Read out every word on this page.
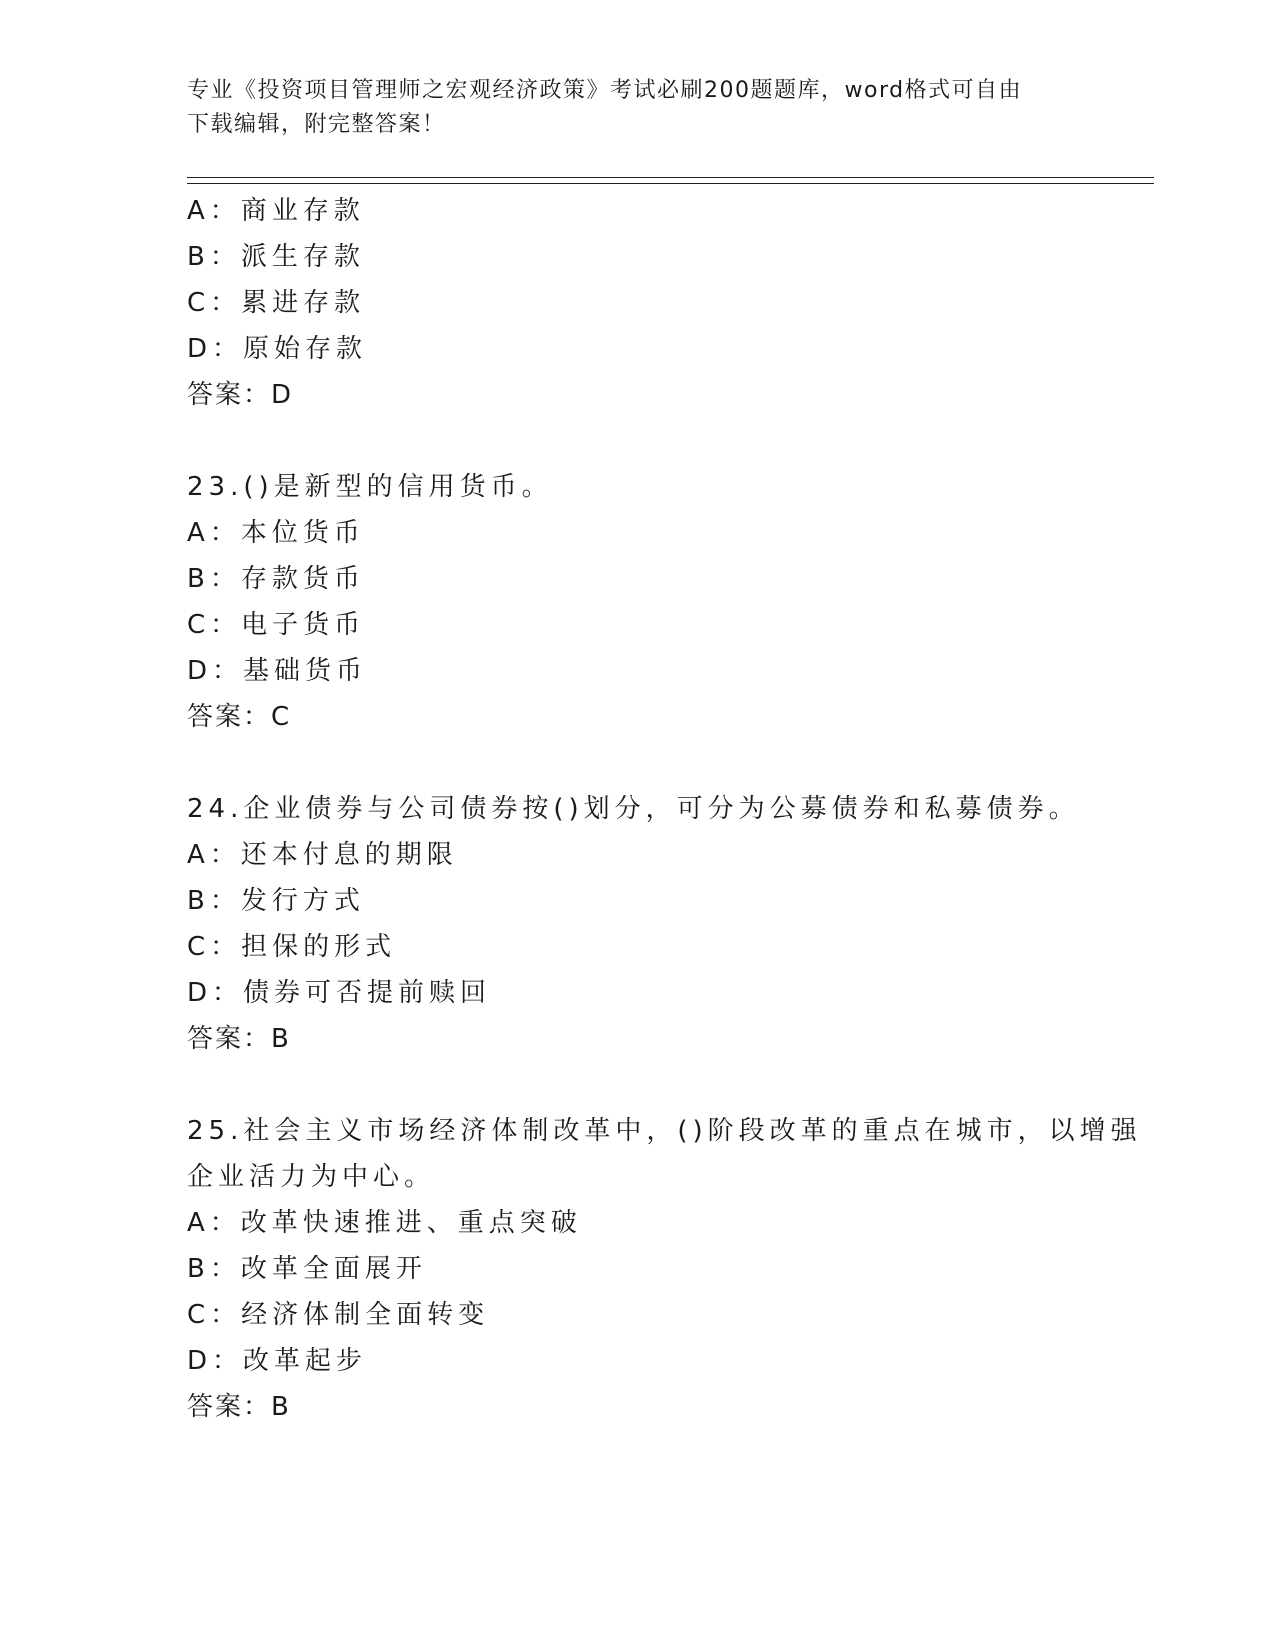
专业《投资项目管理师之宏观经济政策》考试必刷200题题库，word格式可自由
下载编辑，附完整答案！
A：商业存款
B：派生存款
C：累进存款
D：原始存款
答案：D
23.()是新型的信用货币。
A：本位货币
B：存款货币
C：电子货币
D：基础货币
答案：C
24.企业债券与公司债券按()划分，可分为公募债券和私募债券。
A：还本付息的期限
B：发行方式
C：担保的形式
D：债券可否提前赎回
答案：B
25.社会主义市场经济体制改革中，()阶段改革的重点在城市，以增强
企业活力为中心。
A：改革快速推进、重点突破
B：改革全面展开
C：经济体制全面转变
D：改革起步
答案：B
